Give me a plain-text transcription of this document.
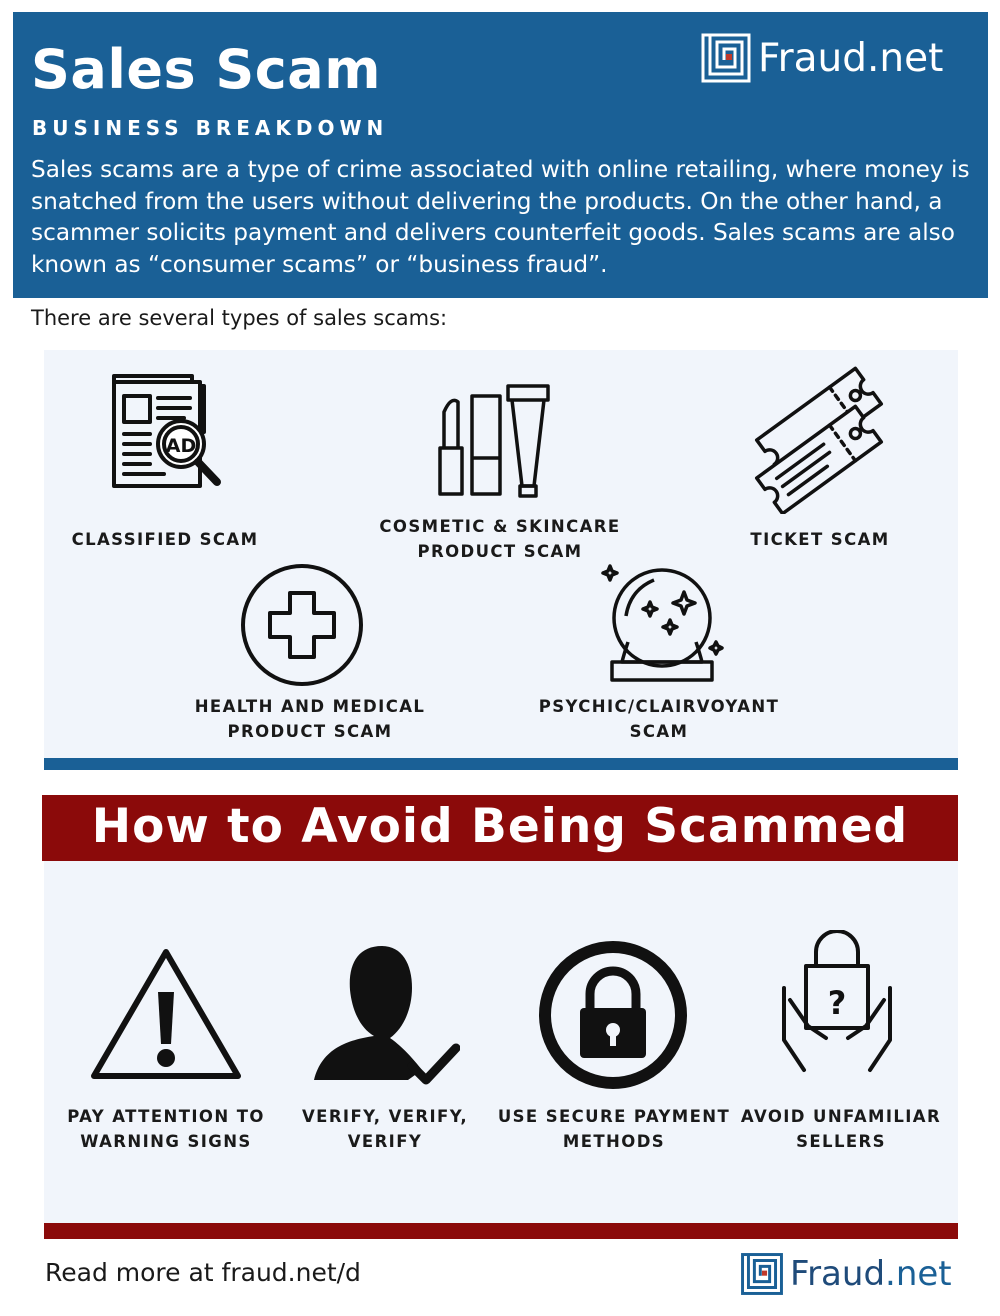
Sales Scam
BUSINESS BREAKDOWN
Sales scams are a type of crime associated with online retailing, where money is snatched from the users without delivering the products. On the other hand, a scammer solicits payment and delivers counterfeit goods. Sales scams are also known as “consumer scams” or “business fraud”.
Fraud.net
There are several types of sales scams:
AD
CLASSIFIED SCAM
COSMETIC & SKINCARE
PRODUCT SCAM
TICKET SCAM
HEALTH AND MEDICAL
PRODUCT SCAM
PSYCHIC/CLAIRVOYANT
SCAM
How to Avoid Being Scammed
?
PAY ATTENTION TO
WARNING SIGNS
VERIFY, VERIFY,
VERIFY
USE SECURE PAYMENT
METHODS
AVOID UNFAMILIAR
SELLERS
Read more at fraud.net/d	Fraud.net
